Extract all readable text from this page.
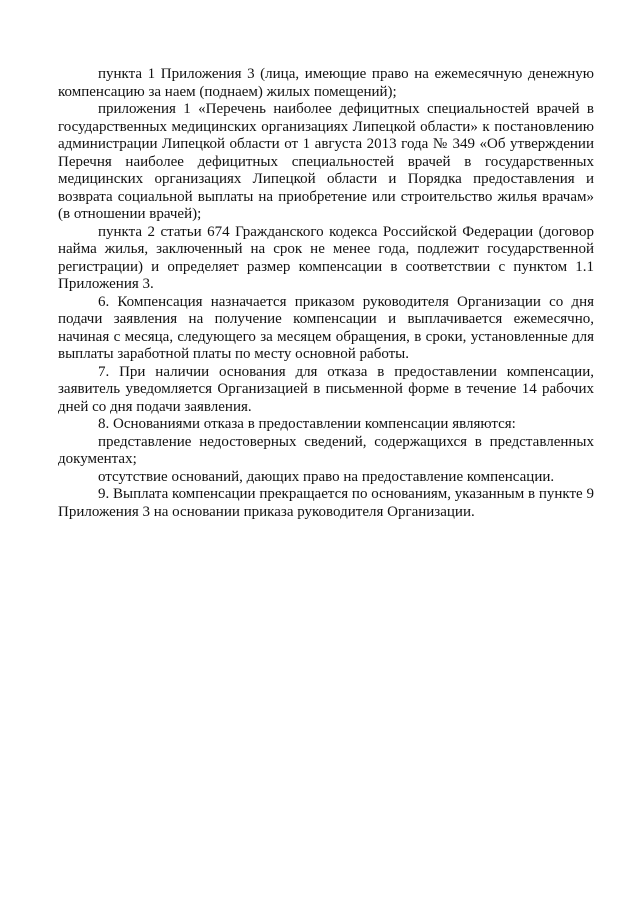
пункта 1 Приложения 3 (лица, имеющие право на ежемесячную денежную компенсацию за наем (поднаем) жилых помещений);

приложения 1 «Перечень наиболее дефицитных специальностей врачей в государственных медицинских организациях Липецкой области» к постановлению администрации Липецкой области от 1 августа 2013 года № 349 «Об утверждении Перечня наиболее дефицитных специальностей врачей в государственных медицинских организациях Липецкой области и Порядка предоставления и возврата социальной выплаты на приобретение или строительство жилья врачам» (в отношении врачей);

пункта 2 статьи 674 Гражданского кодекса Российской Федерации (договор найма жилья, заключенный на срок не менее года, подлежит государственной регистрации) и определяет размер компенсации в соответствии с пунктом 1.1 Приложения 3.

6. Компенсация назначается приказом руководителя Организации со дня подачи заявления на получение компенсации и выплачивается ежемесячно, начиная с месяца, следующего за месяцем обращения, в сроки, установленные для выплаты заработной платы по месту основной работы.

7. При наличии основания для отказа в предоставлении компенсации, заявитель уведомляется Организацией в письменной форме в течение 14 рабочих дней со дня подачи заявления.

8. Основаниями отказа в предоставлении компенсации являются:

представление недостоверных сведений, содержащихся в представленных документах;

отсутствие оснований, дающих право на предоставление компенсации.

9. Выплата компенсации прекращается по основаниям, указанным в пункте 9 Приложения 3 на основании приказа руководителя Организации.
